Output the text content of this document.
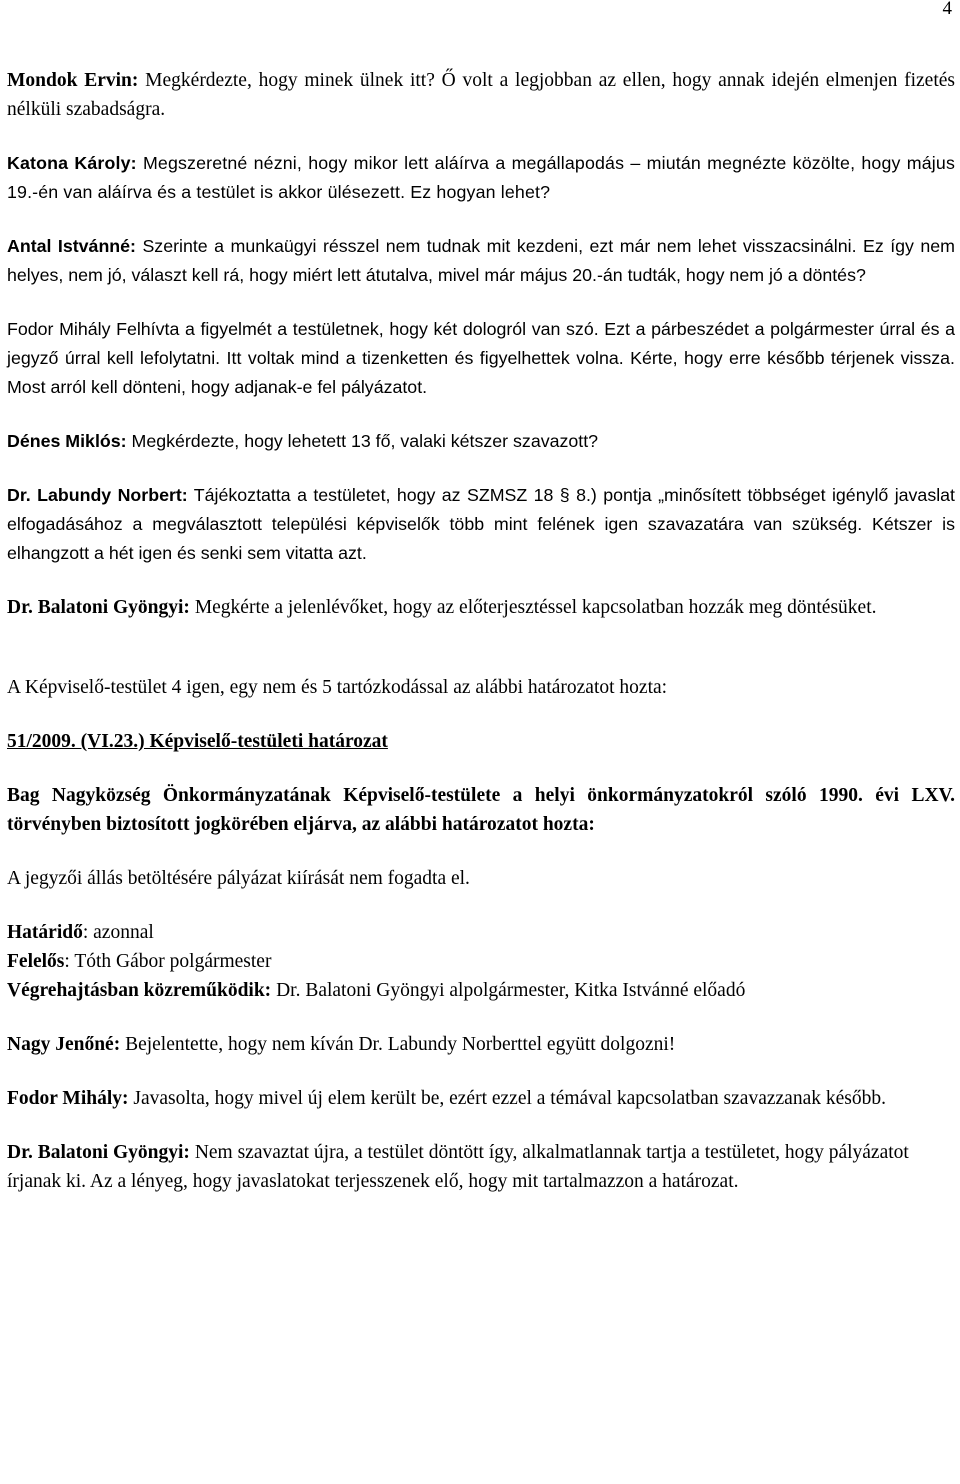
4

Mondok Ervin: Megkérdezte, hogy minek ülnek itt? Ő volt a legjobban az ellen, hogy annak idején elmenjen fizetés nélküli szabadságra.

Katona Károly: Megszeretné nézni, hogy mikor lett aláírva a megállapodás – miután megnézte közölte, hogy május 19.-én van aláírva és a testület is akkor ülésezett. Ez hogyan lehet?

Antal Istvánné: Szerinte a munkaügyi résszel nem tudnak mit kezdeni, ezt már nem lehet visszacsinálni. Ez így nem helyes, nem jó, választ kell rá, hogy miért lett átutalva, mivel már május 20.-án tudták, hogy nem jó a döntés?

Fodor Mihály Felhívta a figyelmét a testületnek, hogy két dologról van szó. Ezt a párbeszédet a polgármester úrral és a jegyző úrral kell lefolytatni. Itt voltak mind a tizenketten és figyelhettek volna. Kérte, hogy erre később térjenek vissza. Most arról kell dönteni, hogy adjanak-e fel pályázatot.

Dénes Miklós: Megkérdezte, hogy lehetett 13 fő, valaki kétszer szavazott?

Dr. Labundy Norbert: Tájékoztatta a testületet, hogy az SZMSZ 18 § 8.) pontja „minősített többséget igénylő javaslat elfogadásához a megválasztott települési képviselők több mint felének igen szavazatára van szükség. Kétszer is elhangzott a hét igen és senki sem vitatta azt.

Dr. Balatoni Gyöngyi: Megkérte a jelenlévőket, hogy az előterjesztéssel kapcsolatban hozzák meg döntésüket.

A Képviselő-testület 4 igen, egy nem és 5 tartózkodással az alábbi határozatot hozta:

51/2009. (VI.23.) Képviselő-testületi határozat

Bag Nagyközség Önkormányzatának Képviselő-testülete a helyi önkormányzatokról szóló 1990. évi LXV. törvényben biztosított jogkörében eljárva, az alábbi határozatot hozta:

A jegyzői állás betöltésére pályázat kiírását nem fogadta el.

Határidő: azonnal

Felelős: Tóth Gábor polgármester

Végrehajtásban közreműködik: Dr. Balatoni Gyöngyi alpolgármester, Kitka Istvánné előadó

Nagy Jenőné: Bejelentette, hogy nem kíván Dr. Labundy Norberttel együtt dolgozni!

Fodor Mihály: Javasolta, hogy mivel új elem került be, ezért ezzel a témával kapcsolatban szavazzanak később.

Dr. Balatoni Gyöngyi: Nem szavaztat újra, a testület döntött így, alkalmatlannak tartja a testületet, hogy pályázatot írjanak ki. Az a lényeg, hogy javaslatokat terjesszenek elő, hogy mit tartalmazzon a határozat.
